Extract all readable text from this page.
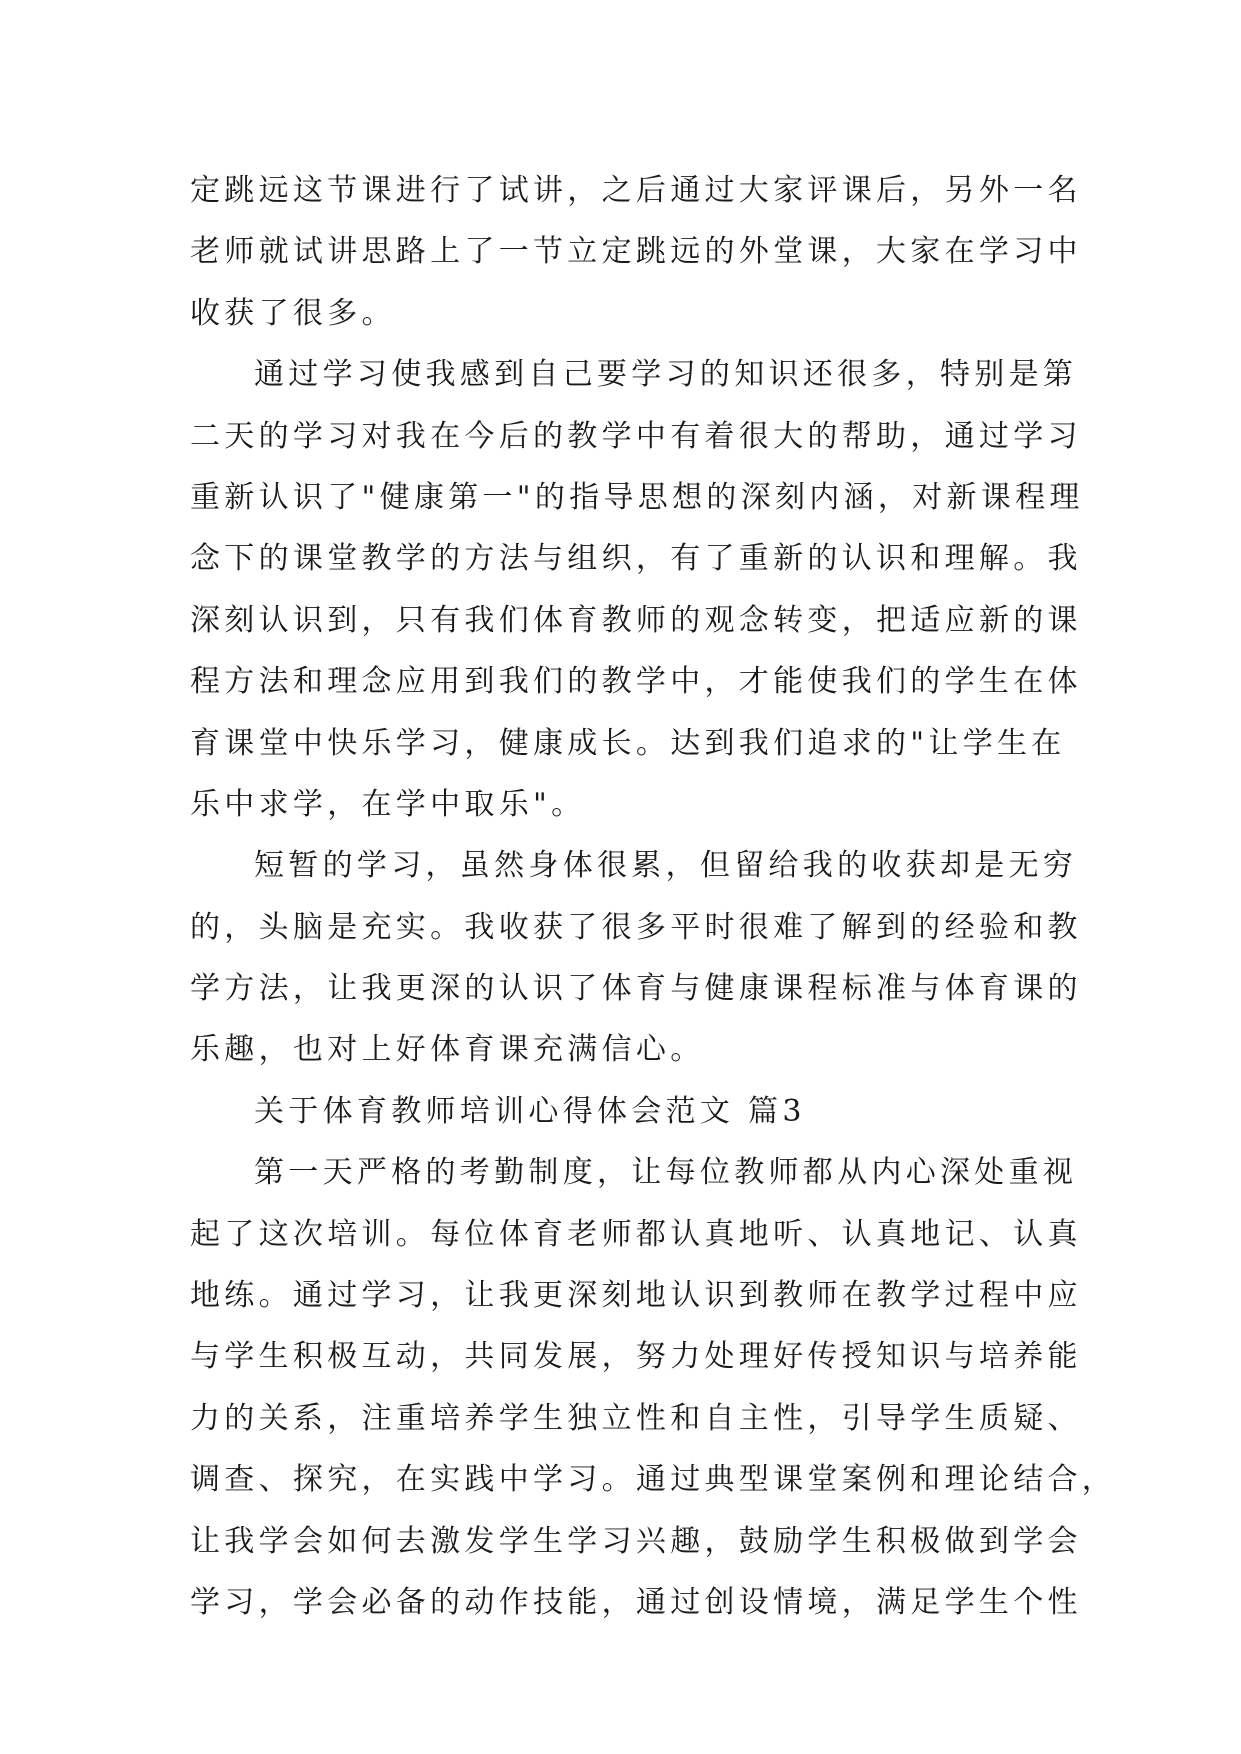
定跳远这节课进行了试讲，之后通过大家评课后，另外一名
老师就试讲思路上了一节立定跳远的外堂课，大家在学习中
收获了很多。
通过学习使我感到自己要学习的知识还很多，特别是第
二天的学习对我在今后的教学中有着很大的帮助，通过学习
重新认识了"健康第一"的指导思想的深刻内涵，对新课程理
念下的课堂教学的方法与组织，有了重新的认识和理解。我
深刻认识到，只有我们体育教师的观念转变，把适应新的课
程方法和理念应用到我们的教学中，才能使我们的学生在体
育课堂中快乐学习，健康成长。达到我们追求的"让学生在
乐中求学，在学中取乐"。
短暂的学习，虽然身体很累，但留给我的收获却是无穷
的，头脑是充实。我收获了很多平时很难了解到的经验和教
学方法，让我更深的认识了体育与健康课程标准与体育课的
乐趣，也对上好体育课充满信心。
关于体育教师培训心得体会范文 篇3
第一天严格的考勤制度，让每位教师都从内心深处重视
起了这次培训。每位体育老师都认真地听、认真地记、认真
地练。通过学习，让我更深刻地认识到教师在教学过程中应
与学生积极互动，共同发展，努力处理好传授知识与培养能
力的关系，注重培养学生独立性和自主性，引导学生质疑、
调查、探究，在实践中学习。通过典型课堂案例和理论结合，
让我学会如何去激发学生学习兴趣，鼓励学生积极做到学会
学习，学会必备的动作技能，通过创设情境，满足学生个性
